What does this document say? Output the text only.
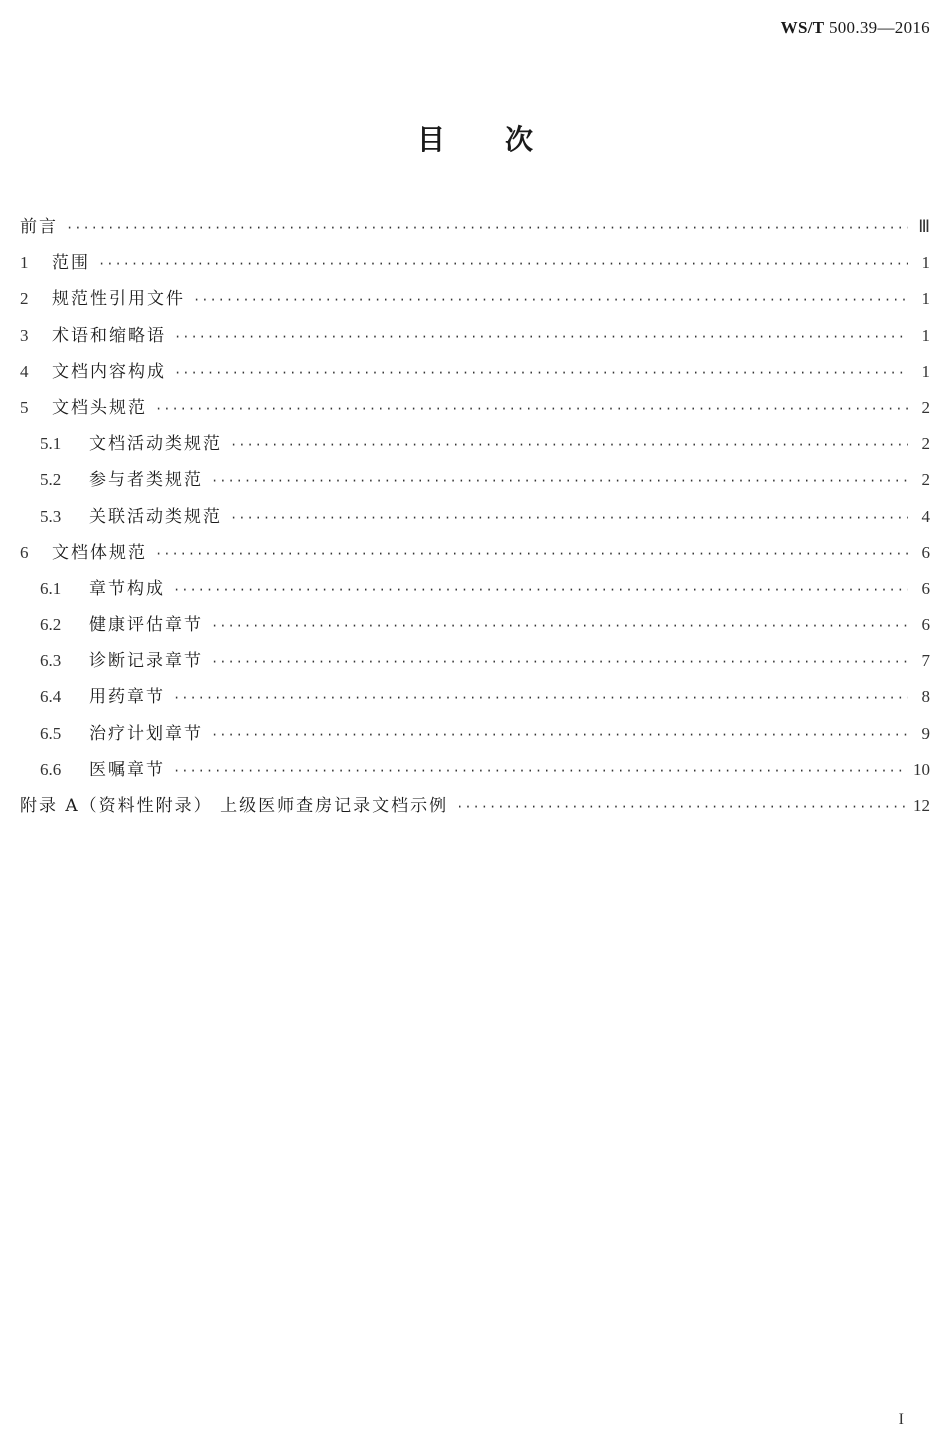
WS/T 500.39—2016
目 次
前言 ·····	Ⅲ
1	范围 ·····	1
2	规范性引用文件 ·····	1
3	术语和缩略语 ·····	1
4	文档内容构成 ·····	1
5	文档头规范 ·····	2
5.1	文档活动类规范 ·····	2
5.2	参与者类规范 ·····	2
5.3	关联活动类规范 ·····	4
6	文档体规范 ·····	6
6.1	章节构成 ·····	6
6.2	健康评估章节 ·····	6
6.3	诊断记录章节 ·····	7
6.4	用药章节 ·····	8
6.5	治疗计划章节 ·····	9
6.6	医嘱章节 ·····	10
附录 A（资料性附录） 上级医师查房记录文档示例 ·····	12
I
